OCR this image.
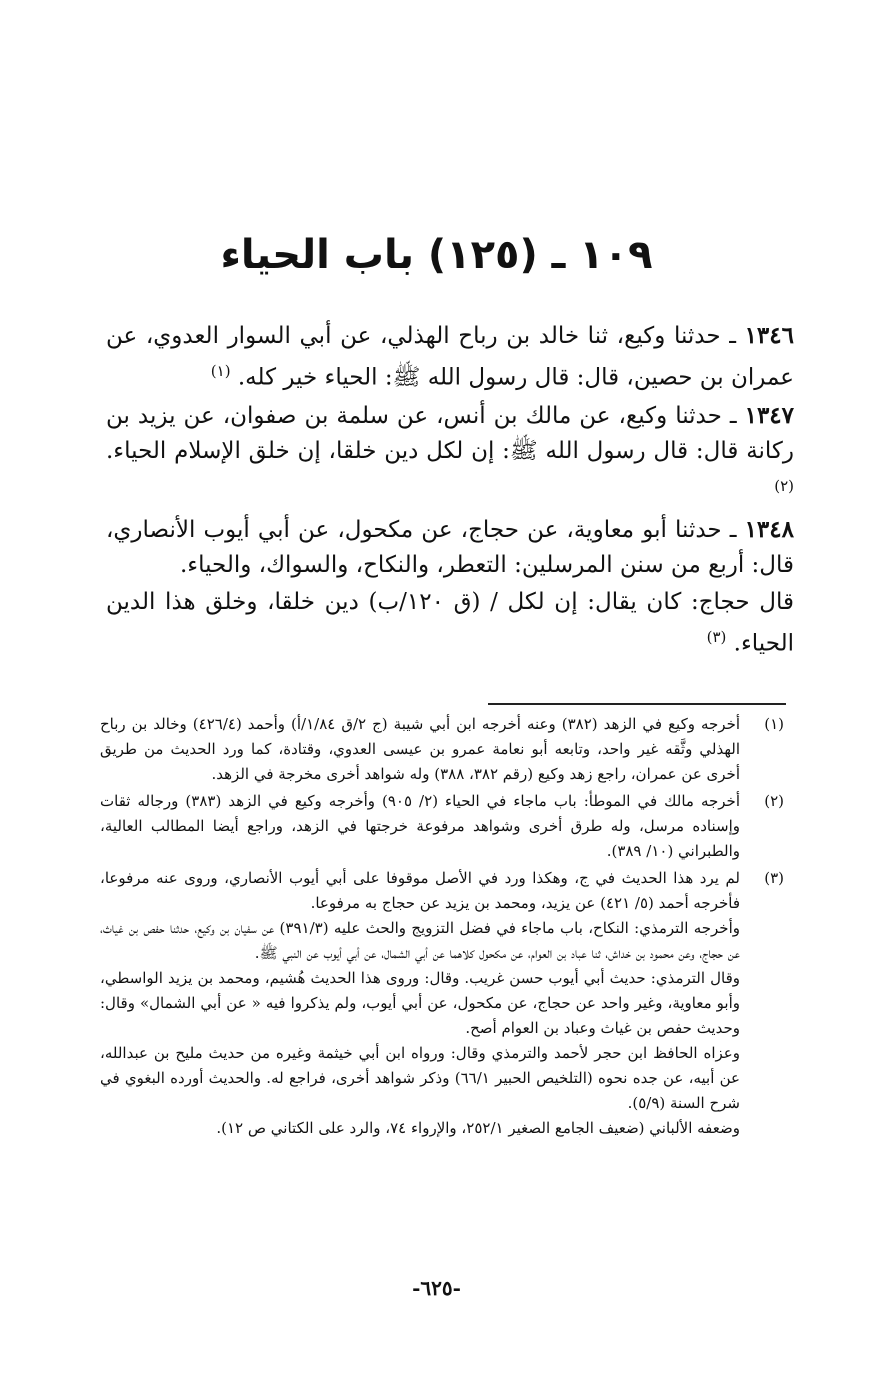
١٠٩ ـ (١٢٥) باب الحياء

١٣٤٦ ـ حدثنا وكيع، ثنا خالد بن رباح الهذلي، عن أبي السوار العدوي، عن عمران بن حصين، قال: قال رسول الله ﷺ: الحياء خير كله. $^{(١)}$

١٣٤٧ ـ حدثنا وكيع، عن مالك بن أنس، عن سلمة بن صفوان، عن يزيد بن ركانة قال: قال رسول الله ﷺ: إن لكل دين خلقا، إن خلق الإسلام الحياء. $^{(٢)}$

١٣٤٨ ـ حدثنا أبو معاوية، عن حجاج، عن مكحول، عن أبي أيوب الأنصاري، قال: أربع من سنن المرسلين: التعطر، والنكاح، والسواك، والحياء.

قال حجاج: كان يقال: إن لكل / (ق ١٢٠/ب) دين خلقا، وخلق هذا الدين الحياء. $^{(٣)}$

(١)

أخرجه وكيع في الزهد (٣٨٢) وعنه أخرجه ابن أبي شيبة (ج ٢/ق ١/٨٤/أ) وأحمد (٤٢٦/٤) وخالد بن رباح الهذلي وثَّقه غير واحد، وتابعه أبو نعامة عمرو بن عيسى العدوي، وقتادة، كما ورد الحديث من طريق أخرى عن عمران، راجع زهد وكيع (رقم ٣٨٢، ٣٨٨) وله شواهد أخرى مخرجة في الزهد.

(٢)

أخرجه مالك في الموطأ: باب ماجاء في الحياء (٢/ ٩٠٥) وأخرجه وكيع في الزهد (٣٨٣) ورجاله ثقات وإسناده مرسل، وله طرق أخرى وشواهد مرفوعة خرجتها في الزهد، وراجع أيضا المطالب العالية، والطبراني (١٠/ ٣٨٩).

(٣)

لم يرد هذا الحديث في ج، وهكذا ورد في الأصل موقوفا على أبي أيوب الأنصاري، وروى عنه مرفوعا، فأخرجه أحمد (٥/ ٤٢١) عن يزيد، ومحمد بن يزيد عن حجاج به مرفوعا.

وأخرجه الترمذي: النكاح، باب ماجاء في فضل التزويج والحث عليه (٣٩١/٣) عن سفيان بن وكيع، حدثنا حفص بن غياث، عن حجاج، وعن محمود بن خداش، ثنا عباد بن العوام، عن مكحول كلاهما عن أبي الشمال، عن أبي أيوب عن النبي ﷺ.

وقال الترمذي: حديث أبي أيوب حسن غريب. وقال: وروى هذا الحديث هُشيم، ومحمد بن يزيد الواسطي، وأبو معاوية، وغير واحد عن حجاج، عن مكحول، عن أبي أيوب، ولم يذكروا فيه « عن أبي الشمال» وقال: وحديث حفص بن غياث وعباد بن العوام أصح.

وعزاه الحافظ ابن حجر لأحمد والترمذي وقال: ورواه ابن أبي خيثمة وغيره من حديث مليح بن عبدالله، عن أبيه، عن جده نحوه (التلخيص الحبير ٦٦/١) وذكر شواهد أخرى، فراجع له. والحديث أورده البغوي في شرح السنة (٥/٩).

وضعفه الألباني (ضعيف الجامع الصغير ٢٥٢/١، والإرواء ٧٤، والرد على الكتاني ص ١٢).

-٦٢٥-
